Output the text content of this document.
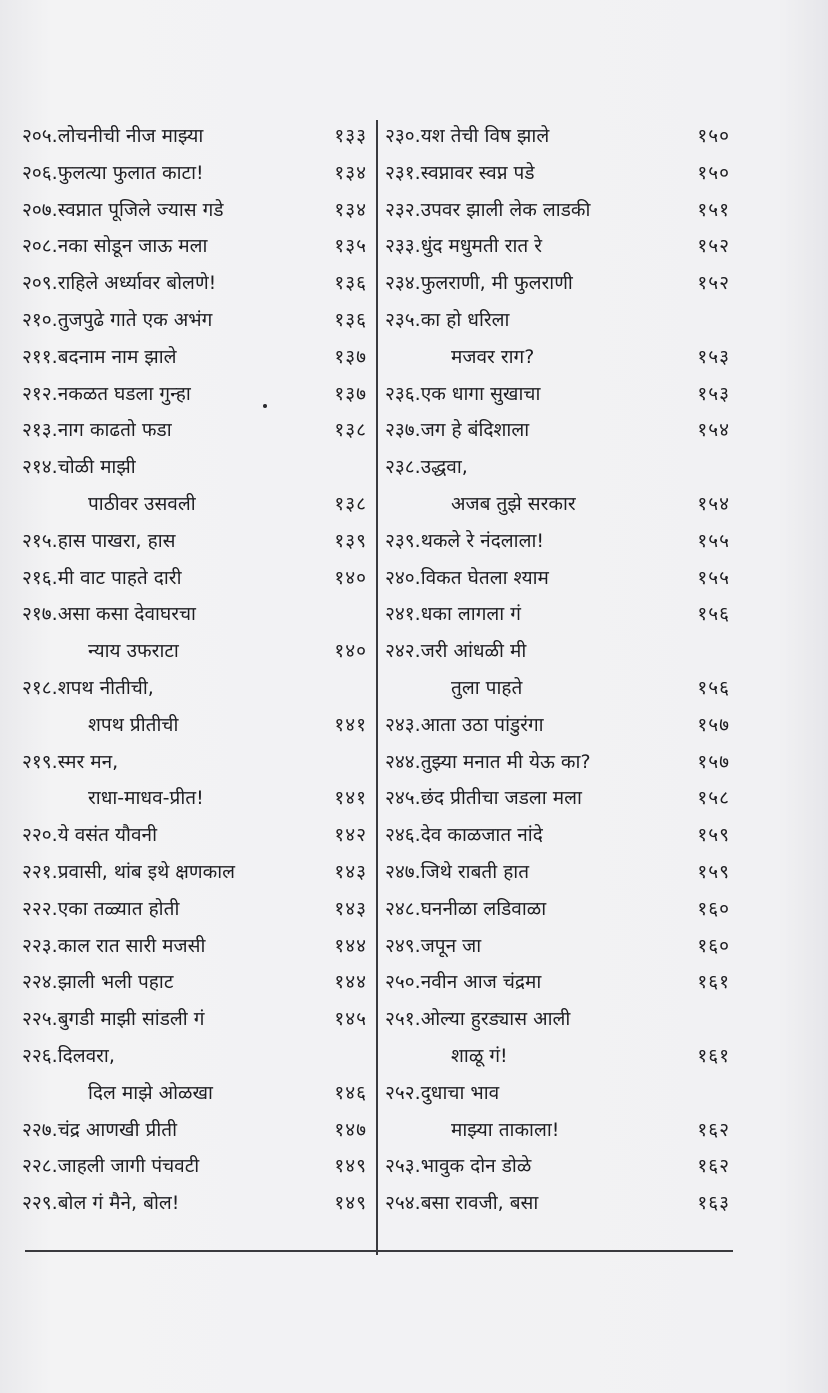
२०५.लोचनीची नीज माझ्या	१३३
२०६.फुलत्या फुलात काटा!	१३४
२०७.स्वप्नात पूजिले ज्यास गडे	१३४
२०८.नका सोडून जाऊ मला	१३५
२०९.राहिले अर्ध्यावर बोलणे!	१३६
२१०.तुजपुढे गाते एक अभंग	१३६
२११.बदनाम नाम झाले	१३७
२१२.नकळत घडला गुन्हा	१३७
२१३.नाग काढतो फडा	१३८
२१४.चोळी माझी
पाठीवर उसवली	१३८
२१५.हास पाखरा, हास	१३९
२१६.मी वाट पाहते दारी	१४०
२१७.असा कसा देवाघरचा
न्याय उफराटा	१४०
२१८.शपथ नीतीची,
शपथ प्रीतीची	१४१
२१९.स्मर मन,
राधा-माधव-प्रीत!	१४१
२२०.ये वसंत यौवनी	१४२
२२१.प्रवासी, थांब इथे क्षणकाल	१४३
२२२.एका तळ्यात होती	१४३
२२३.काल रात सारी मजसी	१४४
२२४.झाली भली पहाट	१४४
२२५.बुगडी माझी सांडली गं	१४५
२२६.दिलवरा,
दिल माझे ओळखा	१४६
२२७.चंद्र आणखी प्रीती	१४७
२२८.जाहली जागी पंचवटी	१४९
२२९.बोल गं मैने, बोल!	१४९
२३०.यश तेची विष झाले	१५०
२३१.स्वप्नावर स्वप्न पडे	१५०
२३२.उपवर झाली लेक लाडकी	१५१
२३३.धुंद मधुमती रात रे	१५२
२३४.फुलराणी, मी फुलराणी	१५२
२३५.का हो धरिला
मजवर राग?	१५३
२३६.एक धागा सुखाचा	१५३
२३७.जग हे बंदिशाला	१५४
२३८.उद्धवा,
अजब तुझे सरकार	१५४
२३९.थकले रे नंदलाला!	१५५
२४०.विकत घेतला श्याम	१५५
२४१.धका लागला गं	१५६
२४२.जरी आंधळी मी
तुला पाहते	१५६
२४३.आता उठा पांडुरंगा	१५७
२४४.तुझ्या मनात मी येऊ का?	१५७
२४५.छंद प्रीतीचा जडला मला	१५८
२४६.देव काळजात नांदे	१५९
२४७.जिथे राबती हात	१५९
२४८.घननीळा लडिवाळा	१६०
२४९.जपून जा	१६०
२५०.नवीन आज चंद्रमा	१६१
२५१.ओल्या हुरड्यास आली
शाळू गं!	१६१
२५२.दुधाचा भाव
माझ्या ताकाला!	१६२
२५३.भावुक दोन डोळे	१६२
२५४.बसा रावजी, बसा	१६३
